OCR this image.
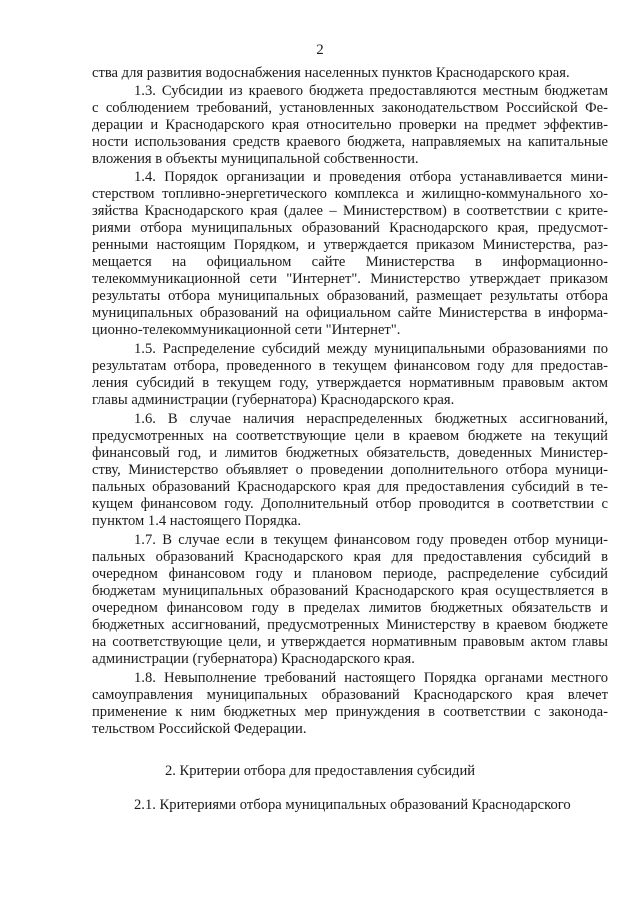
2
ства для развития водоснабжения населенных пунктов Краснодарского края.
1.3. Субсидии из краевого бюджета предоставляются местным бюджетам
с соблюдением требований, установленных законодательством Российской Фе-
дерации и Краснодарского края относительно проверки на предмет эффектив-
ности использования средств краевого бюджета, направляемых на капитальные
вложения в объекты муниципальной собственности.
1.4. Порядок организации и проведения отбора устанавливается мини-
стерством топливно-энергетического комплекса и жилищно-коммунального хо-
зяйства Краснодарского края (далее – Министерством) в соответствии с крите-
риями отбора муниципальных образований Краснодарского края, предусмот-
ренными настоящим Порядком, и утверждается приказом Министерства, раз-
мещается на официальном сайте Министерства в информационно-
телекоммуникационной сети "Интернет". Министерство утверждает приказом
результаты отбора муниципальных образований, размещает результаты отбора
муниципальных образований на официальном сайте Министерства в информа-
ционно-телекоммуникационной сети "Интернет".
1.5. Распределение субсидий между муниципальными образованиями по
результатам отбора, проведенного в текущем финансовом году для предостав-
ления субсидий в текущем году, утверждается нормативным правовым актом
главы администрации (губернатора) Краснодарского края.
1.6. В случае наличия нераспределенных бюджетных ассигнований,
предусмотренных на соответствующие цели в краевом бюджете на текущий
финансовый год, и лимитов бюджетных обязательств, доведенных Министер-
ству, Министерство объявляет о проведении дополнительного отбора муници-
пальных образований Краснодарского края для предоставления субсидий в те-
кущем финансовом году. Дополнительный отбор проводится в соответствии с
пунктом 1.4 настоящего Порядка.
1.7. В случае если в текущем финансовом году проведен отбор муници-
пальных образований Краснодарского края для предоставления субсидий в
очередном финансовом году и плановом периоде, распределение субсидий
бюджетам муниципальных образований Краснодарского края осуществляется в
очередном финансовом году в пределах лимитов бюджетных обязательств и
бюджетных ассигнований, предусмотренных Министерству в краевом бюджете
на соответствующие цели, и утверждается нормативным правовым актом главы
администрации (губернатора) Краснодарского края.
1.8. Невыполнение требований настоящего Порядка органами местного
самоуправления муниципальных образований Краснодарского края влечет
применение к ним бюджетных мер принуждения в соответствии с законода-
тельством Российской Федерации.
2. Критерии отбора для предоставления субсидий
2.1. Критериями отбора муниципальных образований Краснодарского
